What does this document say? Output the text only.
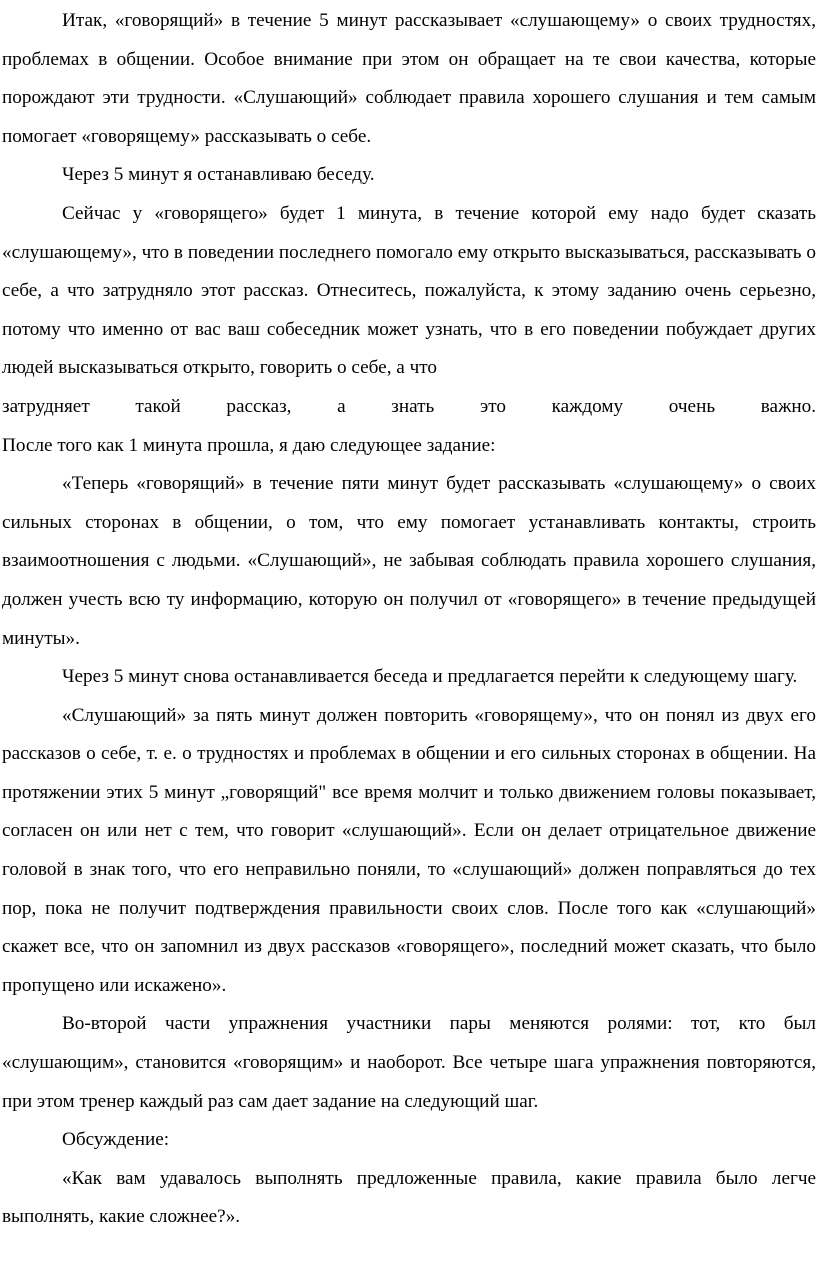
Итак, «говорящий» в течение 5 минут рассказывает «слушающему» о своих трудностях, проблемах в общении. Особое внимание при этом он обращает на те свои качества, которые порождают эти трудности. «Слушающий» соблюдает правила хорошего слушания и тем самым помогает «говорящему» рассказывать о себе.

Через 5 минут я останавливаю беседу.

Сейчас у «говорящего» будет 1 минута, в течение которой ему надо будет сказать «слушающему», что в поведении последнего помогало ему открыто высказываться, рассказывать о себе, а что затрудняло этот рассказ. Отнеситесь, пожалуйста, к этому заданию очень серьезно, потому что именно от вас ваш собеседник может узнать, что в его поведении побуждает других людей высказываться открыто, говорить о себе, а что

затрудняет такой рассказ, а знать это каждому очень важно.

После того как 1 минута прошла, я даю следующее задание:

«Теперь «говорящий» в течение пяти минут будет рассказывать «слушающему» о своих сильных сторонах в общении, о том, что ему помогает устанавливать контакты, строить взаимоотношения с людьми. «Слушающий», не забывая соблюдать правила хорошего слушания, должен учесть всю ту информацию, которую он получил от «говорящего» в течение предыдущей минуты».

Через 5 минут снова останавливается беседа и предлагается перейти к следующему шагу.

«Слушающий» за пять минут должен повторить «говорящему», что он понял из двух его рассказов о себе, т. е. о трудностях и проблемах в общении и его сильных сторонах в общении. На протяжении этих 5 минут „говорящий" все время молчит и только движением головы показывает, согласен он или нет с тем, что говорит «слушающий». Если он делает отрицательное движение головой в знак того, что его неправильно поняли, то «слушающий» должен поправляться до тех пор, пока не получит подтверждения правильности своих слов. После того как «слушающий» скажет все, что он запомнил из двух рассказов «говорящего», последний может сказать, что было пропущено или искажено».

Во-второй части упражнения участники пары меняются ролями: тот, кто был «слушающим», становится «говорящим» и наоборот. Все четыре шага упражнения повторяются, при этом тренер каждый раз сам дает задание на следующий шаг.

Обсуждение:

«Как вам удавалось выполнять предложенные правила, какие правила было легче выполнять, какие сложнее?».
